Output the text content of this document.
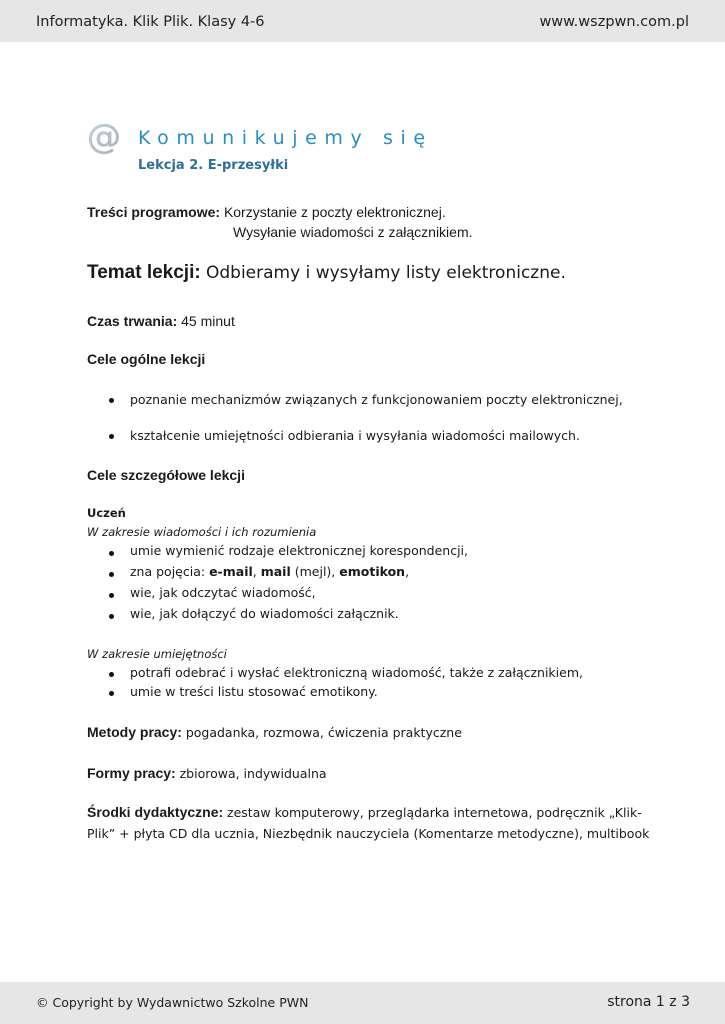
Informatyka. Klik Plik. Klasy 4-6	www.wszpwn.com.pl
@ Komunikujemy się
Lekcja 2. E-przesyłki
Treści programowe: Korzystanie z poczty elektronicznej.
Wysyłanie wiadomości z załącznikiem.
Temat lekcji: Odbieramy i wysyłamy listy elektroniczne.
Czas trwania: 45 minut
Cele ogólne lekcji
poznanie mechanizmów związanych z funkcjonowaniem poczty elektronicznej,
kształcenie umiejętności odbierania i wysyłania wiadomości mailowych.
Cele szczegółowe lekcji
Uczeń
W zakresie wiadomości i ich rozumienia
umie wymienić rodzaje elektronicznej korespondencji,
zna pojęcia: e-mail, mail (mejl), emotikon,
wie, jak odczytać wiadomość,
wie, jak dołączyć do wiadomości załącznik.
W zakresie umiejętności
potrafi odebrać i wysłać elektroniczną wiadomość, także z załącznikiem,
umie w treści listu stosować emotikony.
Metody pracy: pogadanka, rozmowa, ćwiczenia praktyczne
Formy pracy: zbiorowa, indywidualna
Środki dydaktyczne: zestaw komputerowy, przeglądarka internetowa, podręcznik „Klik-
Plik” + płyta CD dla ucznia, Niezbędnik nauczyciela (Komentarze metodyczne), multibook
© Copyright by Wydawnictwo Szkolne PWN	strona 1 z 3
